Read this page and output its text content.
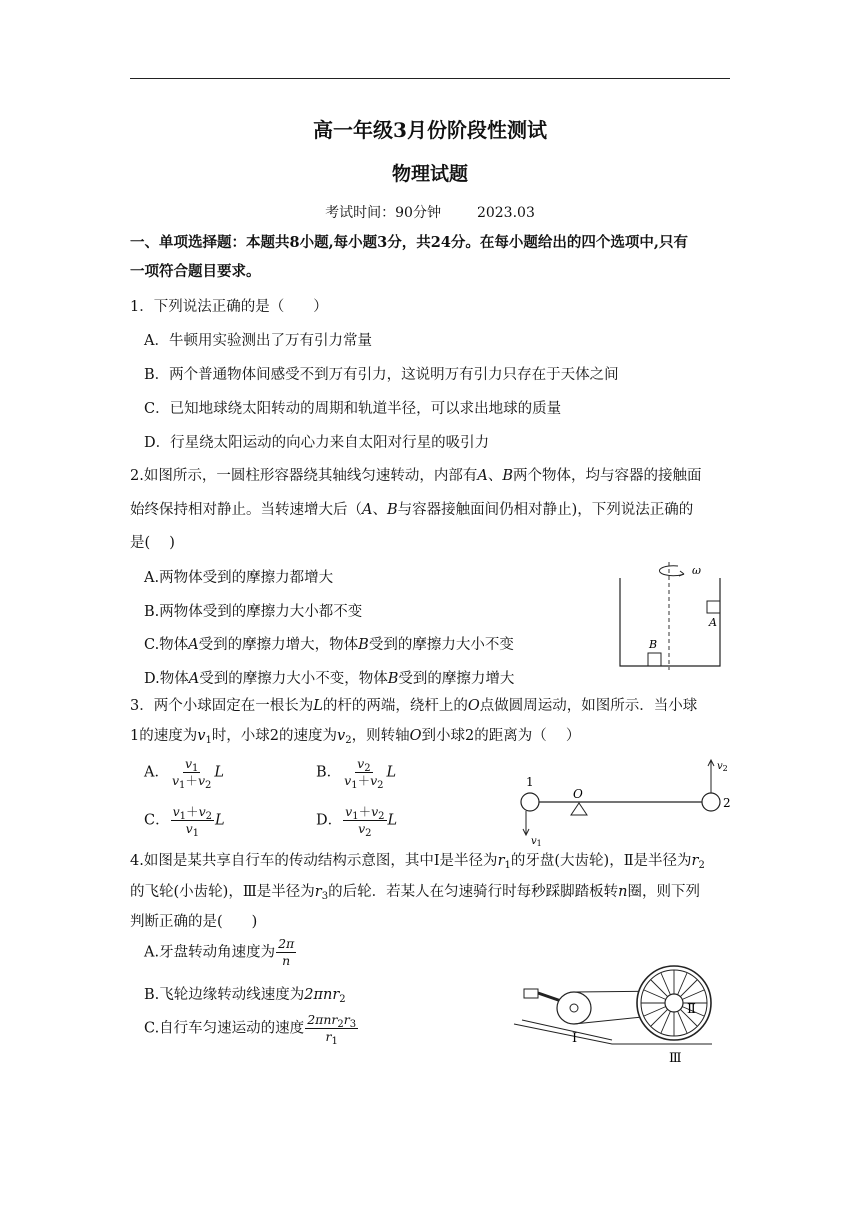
高一年级3月份阶段性测试
物理试题
考试时间：90分钟	2023.03
一、单项选择题：本题共8小题,每小题3分，共24分。在每小题给出的四个选项中,只有
一项符合题目要求。
1．下列说法正确的是（　　）
A．牛顿用实验测出了万有引力常量
B．两个普通物体间感受不到万有引力，这说明万有引力只存在于天体之间
C．已知地球绕太阳转动的周期和轨道半径，可以求出地球的质量
D．行星绕太阳运动的向心力来自太阳对行星的吸引力
2.如图所示，一圆柱形容器绕其轴线匀速转动，内部有A、B两个物体，均与容器的接触面
始终保持相对静止。当转速增大后（A、B与容器接触面间仍相对静止)，下列说法正确的
是(　 )
A.两物体受到的摩擦力都增大
B.两物体受到的摩擦力大小都不变
C.物体A受到的摩擦力增大，物体B受到的摩擦力大小不变
D.物体A受到的摩擦力大小不变，物体B受到的摩擦力增大
ω
A
B
3．两个小球固定在一根长为L的杆的两端，绕杆上的O点做圆周运动，如图所示．当小球
1的速度为$v_1$时，小球2的速度为$v_2$，则转轴O到小球2的距离为（　 ）
A． $\frac{v_1}{v_1+v_2}$ L	B． $\frac{v_2}{v_1+v_2}$ L
C． $\frac{v_1+v_2}{v_1}$ L	D． $\frac{v_1+v_2}{v_2}$ L
1
2
O
$v_1$
$v_2$
4.如图是某共享自行车的传动结构示意图，其中Ⅰ是半径为$r_1$的牙盘(大齿轮)，Ⅱ是半径为$r_2$
的飞轮(小齿轮)，Ⅲ是半径为$r_3$的后轮．若某人在匀速骑行时每秒踩脚踏板转n圈，则下列
判断正确的是(　　)
A.牙盘转动角速度为 $\frac{2\pi}{n}$
B.飞轮边缘转动线速度为2πnr$_2$
C.自行车匀速运动的速度 $\frac{2\pi nr_2r_3}{r_1}$	Ⅰ
Ⅱ
Ⅲ
